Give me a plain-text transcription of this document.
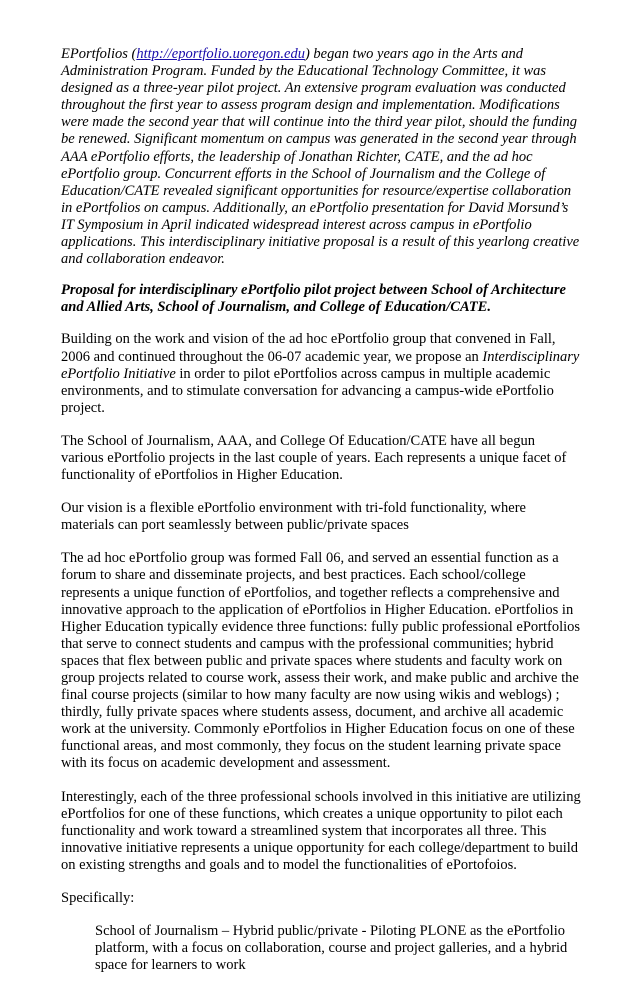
EPortfolios (http://eportfolio.uoregon.edu) began two years ago in the Arts and Administration Program. Funded by the Educational Technology Committee, it was designed as a three-year pilot project. An extensive program evaluation was conducted throughout the first year to assess program design and implementation. Modifications were made the second year that will continue into the third year pilot, should the funding be renewed. Significant momentum on campus was generated in the second year through AAA ePortfolio efforts, the leadership of Jonathan Richter, CATE, and the ad hoc ePortfolio group. Concurrent efforts in the School of Journalism and the College of Education/CATE revealed significant opportunities for resource/expertise collaboration in ePortfolios on campus. Additionally, an ePortfolio presentation for David Morsund’s IT Symposium in April indicated widespread interest across campus in ePortfolio applications. This interdisciplinary initiative proposal is a result of this yearlong creative and collaboration endeavor.

Proposal for interdisciplinary ePortfolio pilot project between School of Architecture and Allied Arts, School of Journalism, and College of Education/CATE.

Building on the work and vision of the ad hoc ePortfolio group that convened in Fall, 2006 and continued throughout the 06-07 academic year, we propose an Interdisciplinary ePortfolio Initiative in order to pilot ePortfolios across campus in multiple academic environments, and to stimulate conversation for advancing a campus-wide ePortfolio project.

The School of Journalism, AAA, and College Of Education/CATE have all begun various ePortfolio projects in the last couple of years. Each represents a unique facet of functionality of ePortfolios in Higher Education.

Our vision is a flexible ePortfolio environment with tri-fold functionality, where materials can port seamlessly between public/private spaces

The ad hoc ePortfolio group was formed Fall 06, and served an essential function as a forum to share and disseminate projects, and best practices. Each school/college represents a unique function of ePortfolios, and together reflects a comprehensive and innovative approach to the application of ePortfolios in Higher Education. ePortfolios in Higher Education typically evidence three functions: fully public professional ePortfolios that serve to connect students and campus with the professional communities; hybrid spaces that flex between public and private spaces where students and faculty work on group projects related to course work, assess their work, and make public and archive the final course projects (similar to how many faculty are now using wikis and weblogs) ; thirdly, fully private spaces where students assess, document, and archive all academic work at the university. Commonly ePortfolios in Higher Education focus on one of these functional areas, and most commonly, they focus on the student learning private space with its focus on academic development and assessment.

Interestingly, each of the three professional schools involved in this initiative are utilizing ePortfolios for one of these functions, which creates a unique opportunity to pilot each functionality and work toward a streamlined system that incorporates all three. This innovative initiative represents a unique opportunity for each college/department to build on existing strengths and goals and to model the functionalities of ePortofoios.

Specifically:

School of Journalism – Hybrid public/private - Piloting PLONE as the ePortfolio platform, with a focus on collaboration, course and project galleries, and a hybrid space for learners to work
